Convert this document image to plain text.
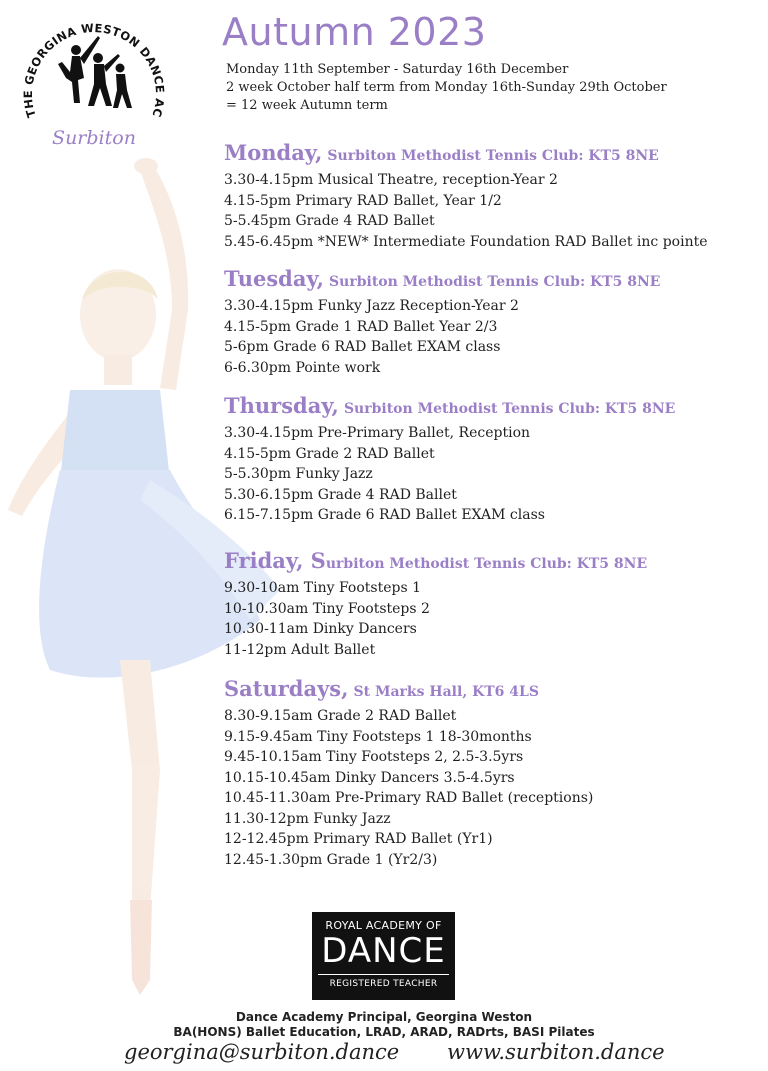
THE GEORGINA WESTON DANCE AC
Surbiton
Autumn 2023
Monday 11th September - Saturday 16th December
2 week October half term from Monday 16th-Sunday 29th October
= 12 week Autumn term
Monday, Surbiton Methodist Tennis Club: KT5 8NE
3.30-4.15pm Musical Theatre, reception-Year 2
4.15-5pm Primary RAD Ballet, Year 1/2
5-5.45pm Grade 4 RAD Ballet
5.45-6.45pm *NEW* Intermediate Foundation RAD Ballet inc pointe
Tuesday, Surbiton Methodist Tennis Club: KT5 8NE
3.30-4.15pm Funky Jazz Reception-Year 2
4.15-5pm Grade 1 RAD Ballet Year 2/3
5-6pm Grade 6 RAD Ballet EXAM class
6-6.30pm Pointe work
Thursday, Surbiton Methodist Tennis Club: KT5 8NE
3.30-4.15pm Pre-Primary Ballet, Reception
4.15-5pm Grade 2 RAD Ballet
5-5.30pm Funky Jazz
5.30-6.15pm Grade 4 RAD Ballet
6.15-7.15pm Grade 6 RAD Ballet EXAM class
Friday, Surbiton Methodist Tennis Club: KT5 8NE
9.30-10am Tiny Footsteps 1
10-10.30am Tiny Footsteps 2
10.30-11am Dinky Dancers
11-12pm Adult Ballet
Saturdays, St Marks Hall, KT6 4LS
8.30-9.15am Grade 2 RAD Ballet
9.15-9.45am Tiny Footsteps 1 18-30months
9.45-10.15am Tiny Footsteps 2, 2.5-3.5yrs
10.15-10.45am Dinky Dancers 3.5-4.5yrs
10.45-11.30am Pre-Primary RAD Ballet (receptions)
11.30-12pm Funky Jazz
12-12.45pm Primary RAD Ballet (Yr1)
12.45-1.30pm Grade 1 (Yr2/3)
ROYAL ACADEMY OF
DANCE
REGISTERED TEACHER
Dance Academy Principal, Georgina Weston
BA(HONS) Ballet Education, LRAD, ARAD, RADrts, BASI Pilates
georgina@surbiton.dance www.surbiton.dance
